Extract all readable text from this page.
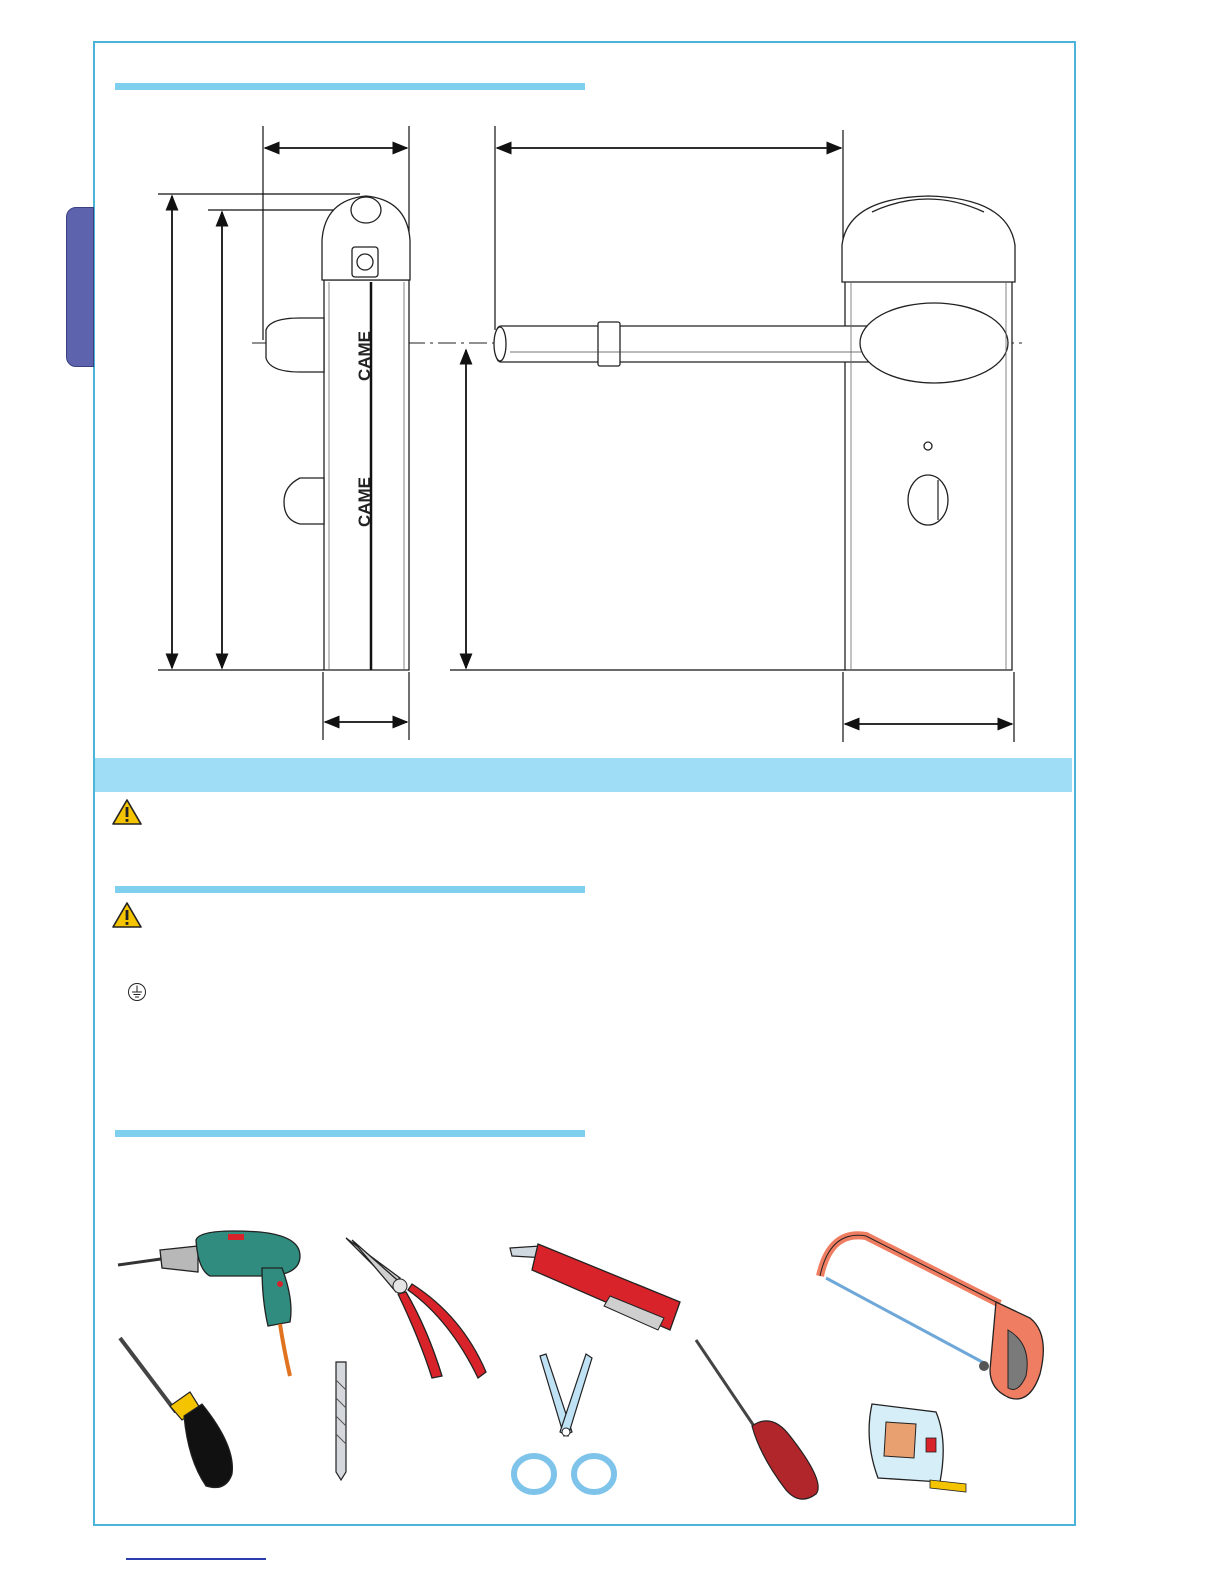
CAME
CAME
